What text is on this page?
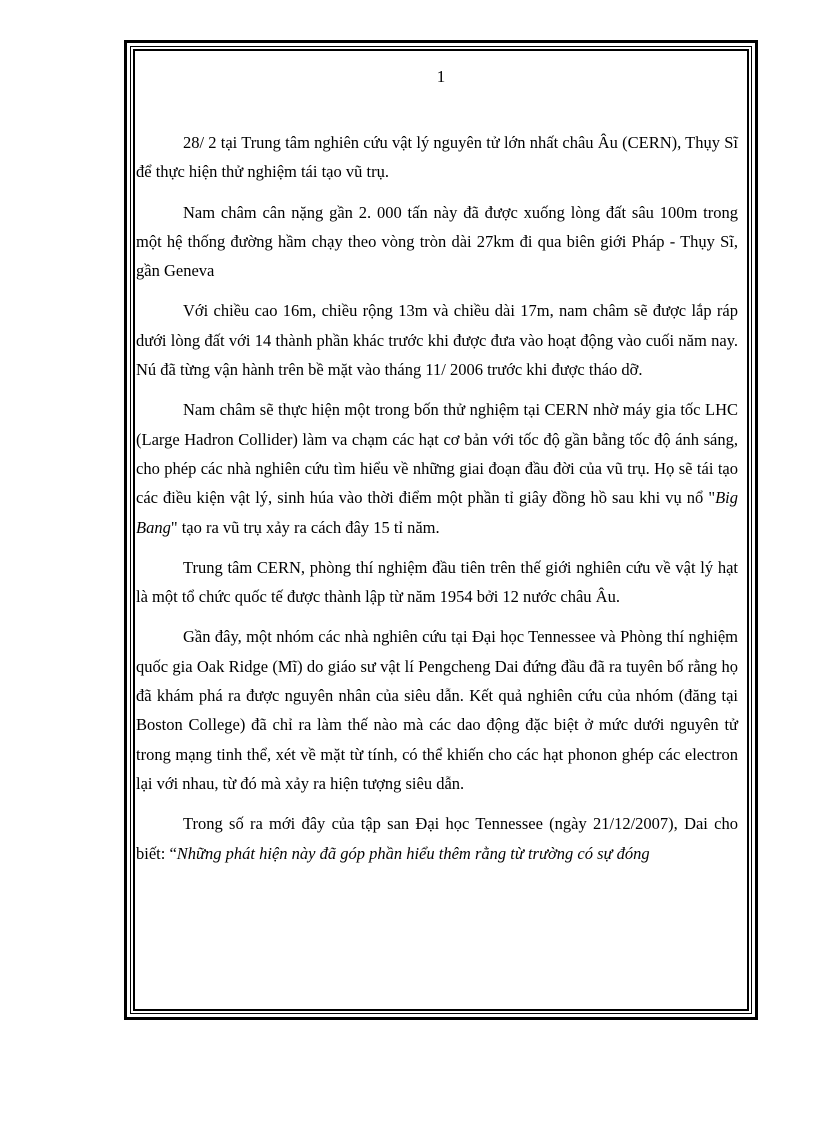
1

28/ 2 tại Trung tâm nghiên cứu vật lý nguyên tử lớn nhất châu Âu (CERN), Thụy Sĩ để thực hiện thử nghiệm tái tạo vũ trụ.

Nam châm cân nặng gần 2. 000 tấn này đã được xuống lòng đất sâu 100m trong một hệ thống đường hầm chạy theo vòng tròn dài 27km đi qua biên giới Pháp - Thụy Sĩ, gần Geneva

Với chiều cao 16m, chiều rộng 13m và chiều dài 17m, nam châm sẽ được lắp ráp dưới lòng đất với 14 thành phần khác trước khi được đưa vào hoạt động vào cuối năm nay. Nú đã từng vận hành trên bề mặt vào tháng 11/ 2006 trước khi được tháo dỡ.

Nam châm sẽ thực hiện một trong bốn thử nghiệm tại CERN nhờ máy gia tốc LHC (Large Hadron Collider) làm va chạm các hạt cơ bản với tốc độ gần bằng tốc độ ánh sáng, cho phép các nhà nghiên cứu tìm hiểu về những giai đoạn đầu đời của vũ trụ. Họ sẽ tái tạo các điều kiện vật lý, sinh húa vào thời điểm một phần tỉ giây đồng hồ sau khi vụ nổ "Big Bang" tạo ra vũ trụ xảy ra cách đây 15 tỉ năm.

Trung tâm CERN, phòng thí nghiệm đầu tiên trên thế giới nghiên cứu về vật lý hạt là một tổ chức quốc tế được thành lập từ năm 1954 bởi 12 nước châu Âu.

Gần đây, một nhóm các nhà nghiên cứu tại Đại học Tennessee và Phòng thí nghiệm quốc gia Oak Ridge (Mĩ) do giáo sư vật lí Pengcheng Dai đứng đầu đã ra tuyên bố rằng họ đã khám phá ra được nguyên nhân của siêu dẫn. Kết quả nghiên cứu của nhóm (đăng tại Boston College) đã chỉ ra làm thế nào mà các dao động đặc biệt ở mức dưới nguyên tử trong mạng tinh thể, xét về mặt từ tính, có thể khiến cho các hạt phonon ghép các electron lại với nhau, từ đó mà xảy ra hiện tượng siêu dẫn.

Trong số ra mới đây của tập san Đại học Tennessee (ngày 21/12/2007), Dai cho biết: “Những phát hiện này đã góp phần hiểu thêm rằng từ trường có sự đóng
